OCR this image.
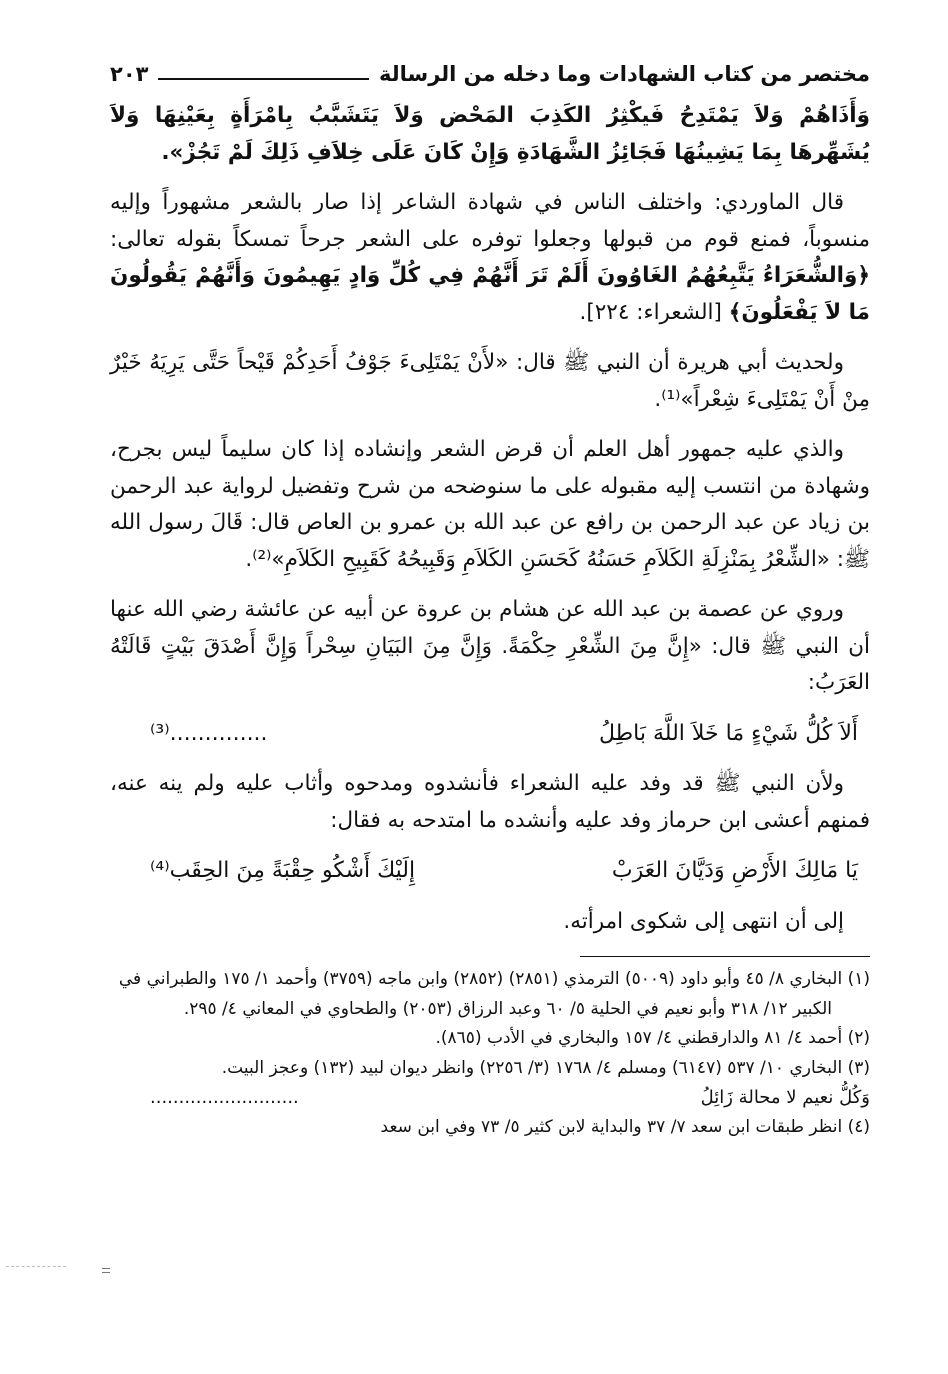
مختصر من كتاب الشهادات وما دخله من الرسالة
٢٠٣

وَأَذَاهُمْ وَلاَ يَمْتَدِحُ فَيكْثِرُ الكَذِبَ المَحْض وَلاَ يَتَشَبَّبُ بِامْرَأَةٍ بِعَيْنِهَا وَلاَ يُشَهِّرهَا بِمَا يَشِينُهَا فَجَائِزُ الشَّهَادَةِ وَإِنْ كَانَ عَلَى خِلاَفِ ذَلِكَ لَمْ تَجُزْ».

قال الماوردي: واختلف الناس في شهادة الشاعر إذا صار بالشعر مشهوراً وإليه منسوباً، فمنع قوم من قبولها وجعلوا توفره على الشعر جرحاً تمسكاً بقوله تعالى: ﴿وَالشُّعَرَاءُ يَتَّبِعُهُمُ الغَاوُونَ أَلَمْ تَرَ أَنَّهُمْ فِي كُلِّ وَادٍ يَهِيمُونَ وَأَنَّهُمْ يَقُولُونَ مَا لاَ يَفْعَلُونَ﴾ [الشعراء: ٢٢٤].

ولحديث أبي هريرة أن النبي ﷺ قال: «لأَنْ يَمْتَلِىءَ جَوْفُ أَحَدِكُمْ قَيْحاً حَتَّى يَرِيَهُ خَيْرٌ مِنْ أَنْ يَمْتَلِىءَ شِعْراً»⁽¹⁾.

والذي عليه جمهور أهل العلم أن قرض الشعر وإنشاده إذا كان سليماً ليس بجرح، وشهادة من انتسب إليه مقبوله على ما سنوضحه من شرح وتفضيل لرواية عبد الرحمن بن زياد عن عبد الرحمن بن رافع عن عبد الله بن عمرو بن العاص قال: قَالَ رسول الله ﷺ: «الشِّعْرُ بِمَنْزِلَةِ الكَلاَمِ حَسَنُهُ كَحَسَنِ الكَلاَمِ وَقَبِيحُهُ كَقَبِيحِ الكَلاَمِ»⁽²⁾.

وروي عن عصمة بن عبد الله عن هشام بن عروة عن أبيه عن عائشة رضي الله عنها أن النبي ﷺ قال: «إِنَّ مِنَ الشِّعْرِ حِكْمَةً. وَإِنَّ مِنَ البَيَانِ سِحْراً وَإِنَّ أَصْدَقَ بَيْتٍ قَالَتْهُ العَرَبُ:

أَلاَ كُلُّ شَيْءٍ مَا خَلاَ اللَّهَ بَاطِلُ
..............⁽³⁾

ولأن النبي ﷺ قد وفد عليه الشعراء فأنشدوه ومدحوه وأثاب عليه ولم ينه عنه، فمنهم أعشى ابن حرماز وفد عليه وأنشده ما امتدحه به فقال:

يَا مَالِكَ الأَرْضِ وَدَيَّانَ العَرَبْ
إِلَيْكَ أَشْكُو حِقْبَةً مِنَ الحِقَب⁽⁴⁾

إلى أن انتهى إلى شكوى امرأته.

(١) البخاري ٨/ ٤٥ وأبو داود (٥٠٠٩) الترمذي (٢٨٥١) (٢٨٥٢) وابن ماجه (٣٧٥٩) وأحمد ١/ ١٧٥ والطبراني في الكبير ١٢/ ٣١٨ وأبو نعيم في الحلية ٥/ ٦٠ وعبد الرزاق (٢٠٥٣) والطحاوي في المعاني ٤/ ٢٩٥.

(٢) أحمد ٤/ ٨١ والدارقطني ٤/ ١٥٧ والبخاري في الأدب (٨٦٥).

(٣) البخاري ١٠/ ٥٣٧ (٦١٤٧) ومسلم ٤/ ١٧٦٨ (٣/ ٢٢٥٦) وانظر ديوان لبيد (١٣٢) وعجز البيت.

وَكُلُّ نعيم لا محالة زَائِلُ
..........................

(٤) انظر طبقات ابن سعد ٧/ ٣٧ والبداية لابن كثير ٥/ ٧٣ وفي ابن سعد
